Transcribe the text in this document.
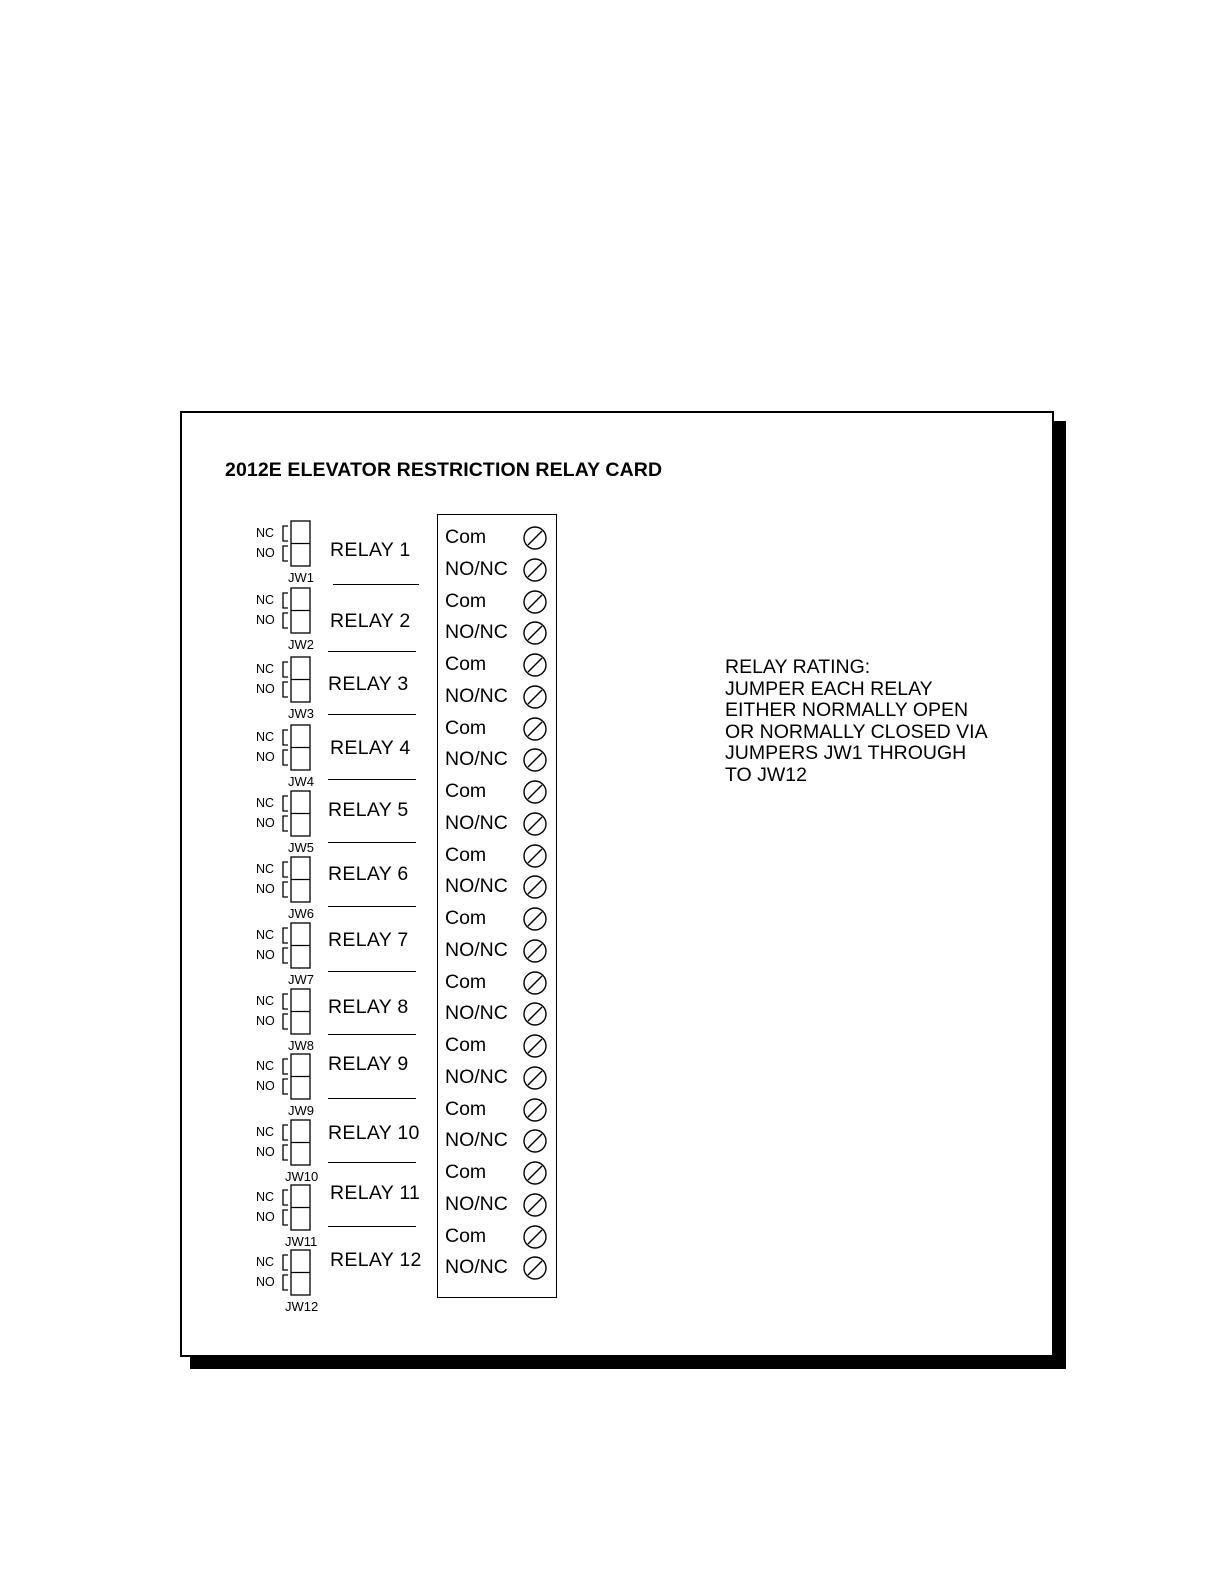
2012E ELEVATOR RESTRICTION RELAY CARD
NC
NO
JW1
RELAY 1
NC
NO
JW2
RELAY 2
NC
NO
JW3
RELAY 3
NC
NO
JW4
RELAY 4
NC
NO
JW5
RELAY 5
NC
NO
JW6
RELAY 6
NC
NO
JW7
RELAY 7
NC
NO
JW8
RELAY 8
NC
NO
JW9
RELAY 9
NC
NO
JW10
RELAY 10
NC
NO
JW11
RELAY 11
NC
NO
JW12
RELAY 12
Com
NO/NC
Com
NO/NC
Com
NO/NC
Com
NO/NC
Com
NO/NC
Com
NO/NC
Com
NO/NC
Com
NO/NC
Com
NO/NC
Com
NO/NC
Com
NO/NC
Com
NO/NC
RELAY RATING:
JUMPER EACH RELAY
EITHER NORMALLY OPEN
OR NORMALLY CLOSED VIA
JUMPERS JW1 THROUGH
TO JW12
